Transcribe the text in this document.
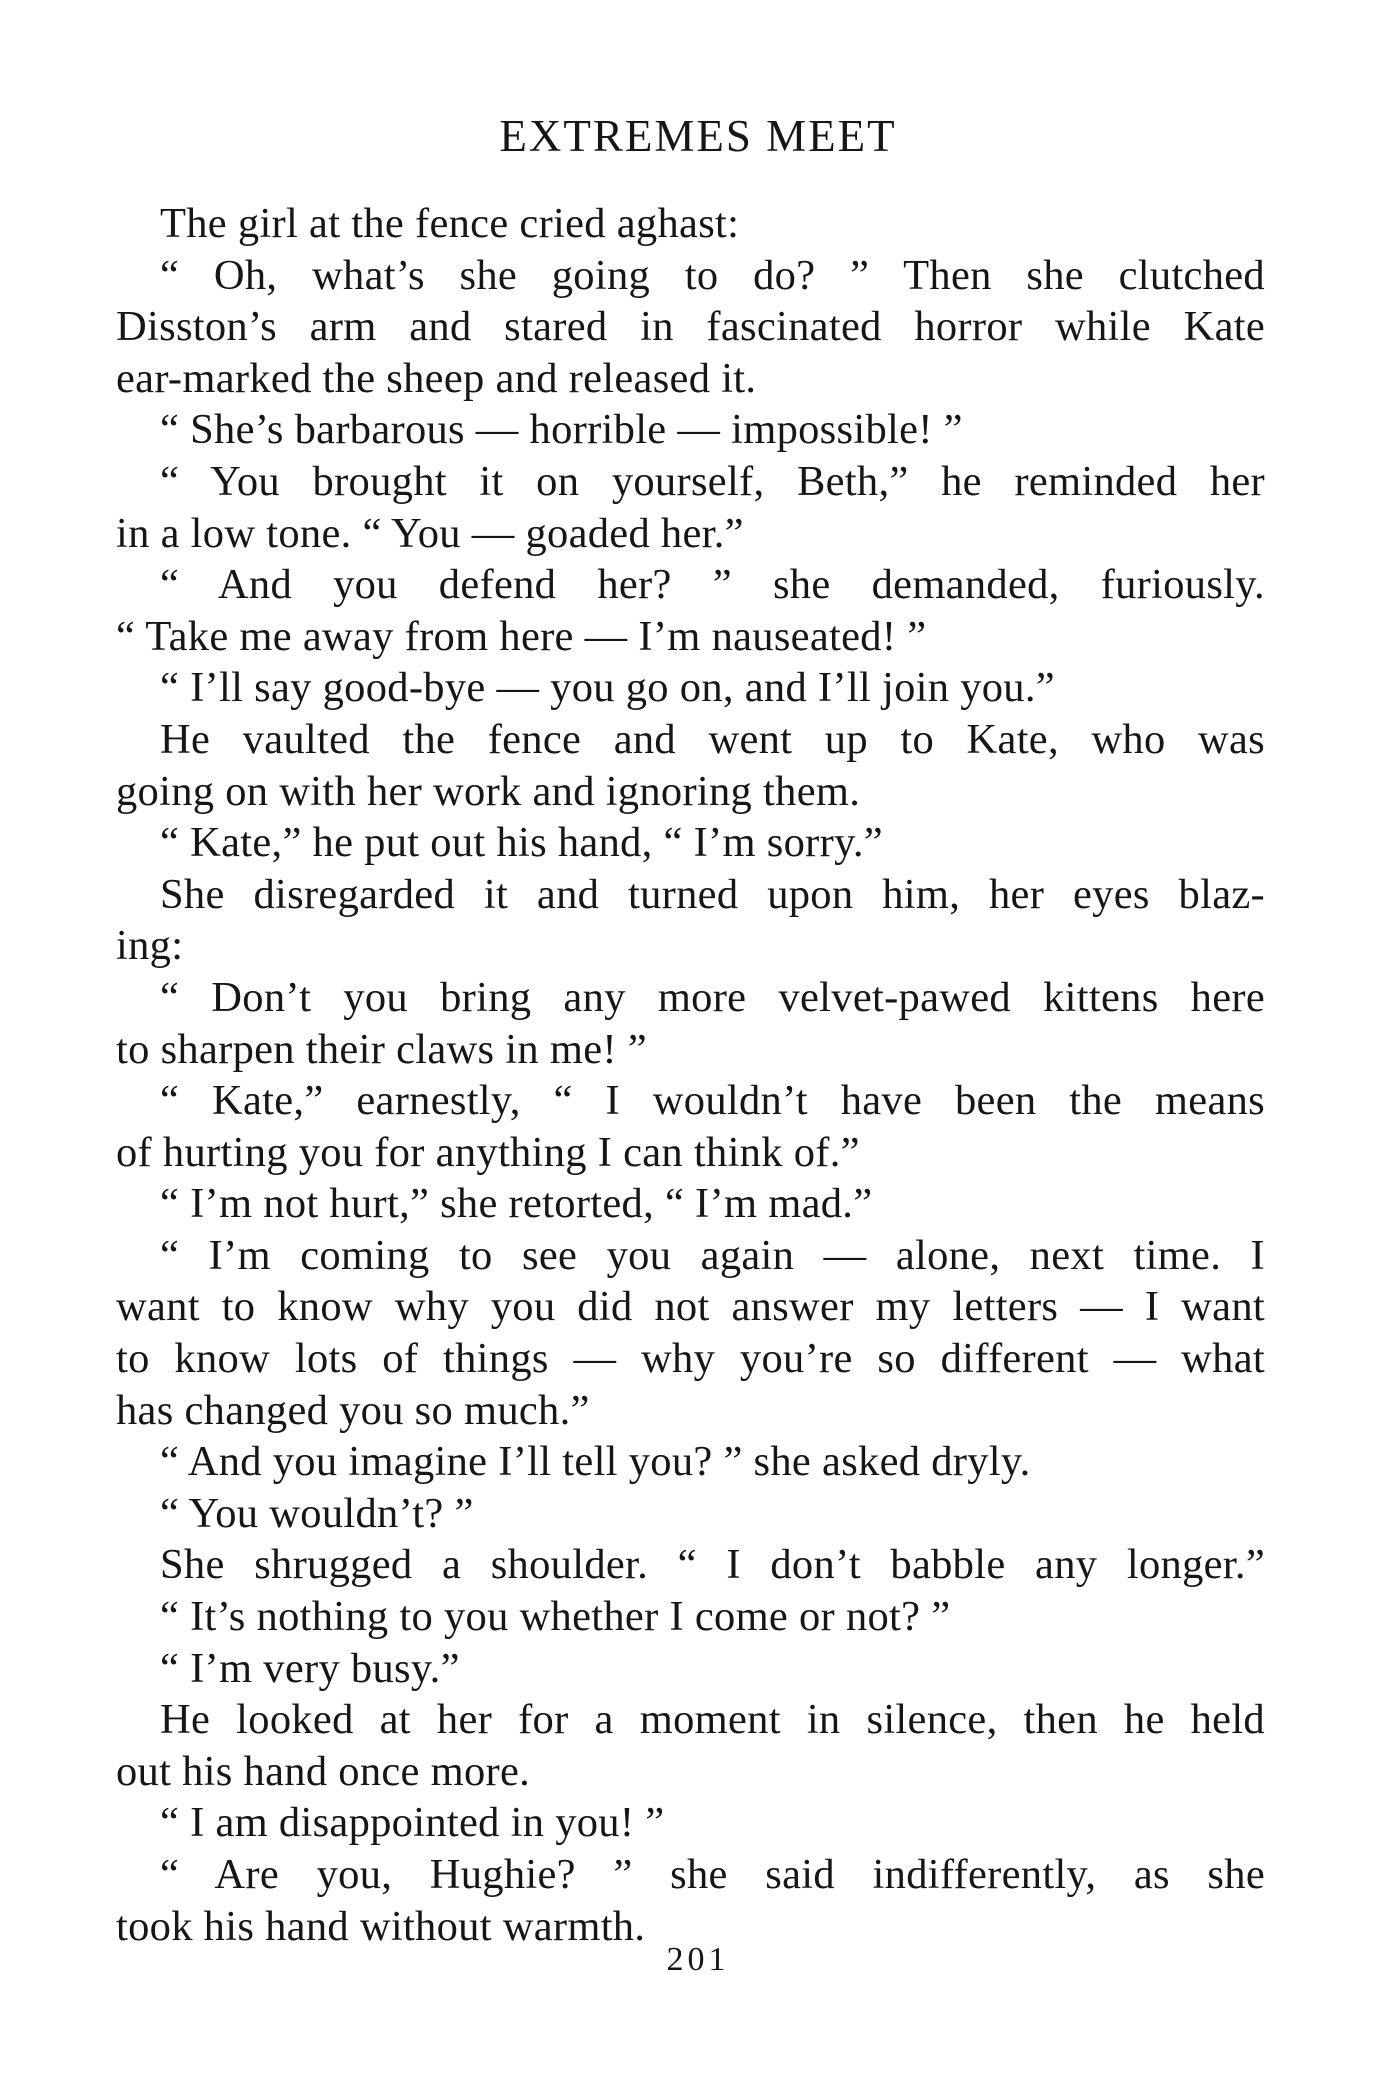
EXTREMES MEET
The girl at the fence cried aghast:
“ Oh, what’s she going to do? ” Then she clutched
Disston’s arm and stared in fascinated horror while Kate
ear-marked the sheep and released it.
“ She’s barbarous — horrible — impossible! ”
“ You brought it on yourself, Beth,” he reminded her
in a low tone. “ You — goaded her.”
“ And you defend her? ” she demanded, furiously.
“ Take me away from here — I’m nauseated! ”
“ I’ll say good-bye — you go on, and I’ll join you.”
He vaulted the fence and went up to Kate, who was
going on with her work and ignoring them.
“ Kate,” he put out his hand, “ I’m sorry.”
She disregarded it and turned upon him, her eyes blaz-
ing:
“ Don’t you bring any more velvet-pawed kittens here
to sharpen their claws in me! ”
“ Kate,” earnestly, “ I wouldn’t have been the means
of hurting you for anything I can think of.”
“ I’m not hurt,” she retorted, “ I’m mad.”
“ I’m coming to see you again — alone, next time. I
want to know why you did not answer my letters — I want
to know lots of things — why you’re so different — what
has changed you so much.”
“ And you imagine I’ll tell you? ” she asked dryly.
“ You wouldn’t? ”
She shrugged a shoulder. “ I don’t babble any longer.”
“ It’s nothing to you whether I come or not? ”
“ I’m very busy.”
He looked at her for a moment in silence, then he held
out his hand once more.
“ I am disappointed in you! ”
“ Are you, Hughie? ” she said indifferently, as she
took his hand without warmth.
201
